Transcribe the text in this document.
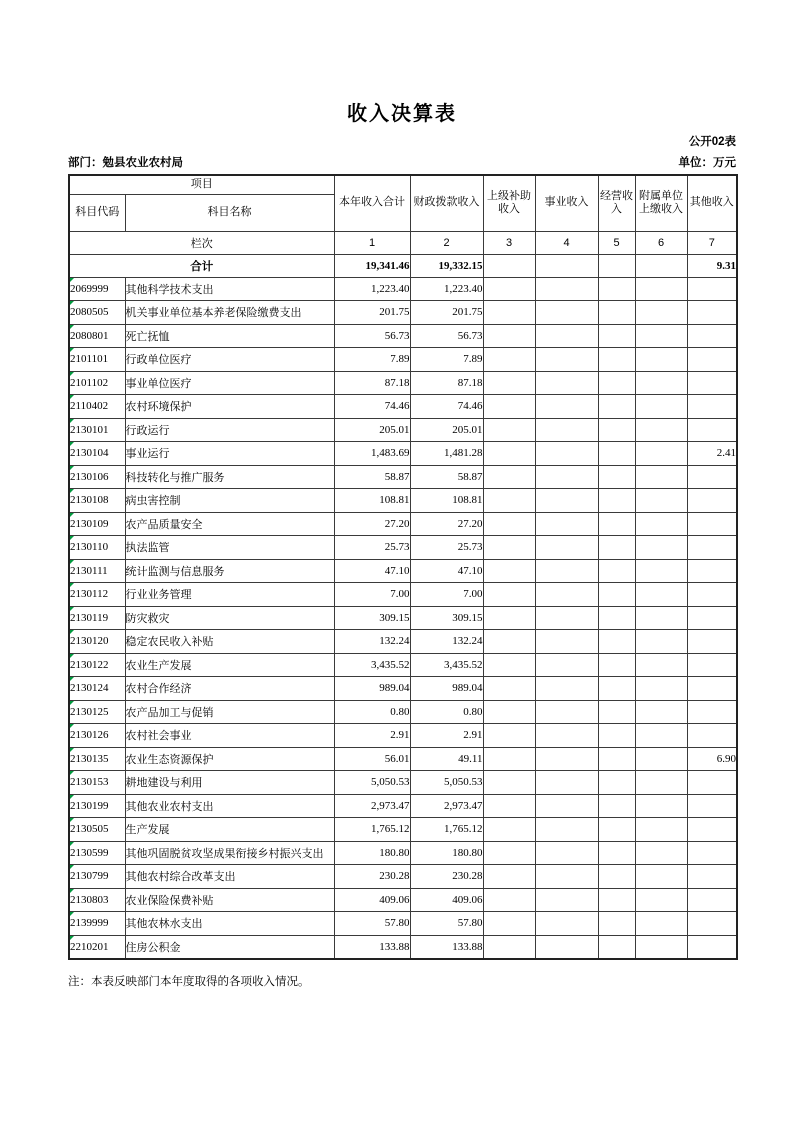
收入决算表
公开02表
部门：勉县农业农村局	单位：万元
项目		本年收入合计	财政拨款收入	上级补助收入	事业收入	经营收入	附属单位上缴收入	其他收入
科目代码	科目名称							
栏次		1	2	3	4	5	6	7
合计		19,341.46	19,332.15					9.31

2069999	其他科学技术支出	1,223.40	1,223.40					

2080505	机关事业单位基本养老保险缴费支出	201.75	201.75					

2080801	死亡抚恤	56.73	56.73					

2101101	行政单位医疗	7.89	7.89					

2101102	事业单位医疗	87.18	87.18					

2110402	农村环境保护	74.46	74.46					

2130101	行政运行	205.01	205.01					

2130104	事业运行	1,483.69	1,481.28					2.41

2130106	科技转化与推广服务	58.87	58.87					

2130108	病虫害控制	108.81	108.81					

2130109	农产品质量安全	27.20	27.20					

2130110	执法监管	25.73	25.73					

2130111	统计监测与信息服务	47.10	47.10					

2130112	行业业务管理	7.00	7.00					

2130119	防灾救灾	309.15	309.15					

2130120	稳定农民收入补贴	132.24	132.24					

2130122	农业生产发展	3,435.52	3,435.52					

2130124	农村合作经济	989.04	989.04					

2130125	农产品加工与促销	0.80	0.80					

2130126	农村社会事业	2.91	2.91					

2130135	农业生态资源保护	56.01	49.11					6.90

2130153	耕地建设与利用	5,050.53	5,050.53					

2130199	其他农业农村支出	2,973.47	2,973.47					

2130505	生产发展	1,765.12	1,765.12					

2130599	其他巩固脱贫攻坚成果衔接乡村振兴支出	180.80	180.80					

2130799	其他农村综合改革支出	230.28	230.28					

2130803	农业保险保费补贴	409.06	409.06					

2139999	其他农林水支出	57.80	57.80					

2210201	住房公积金	133.88	133.88					
注：本表反映部门本年度取得的各项收入情况。
